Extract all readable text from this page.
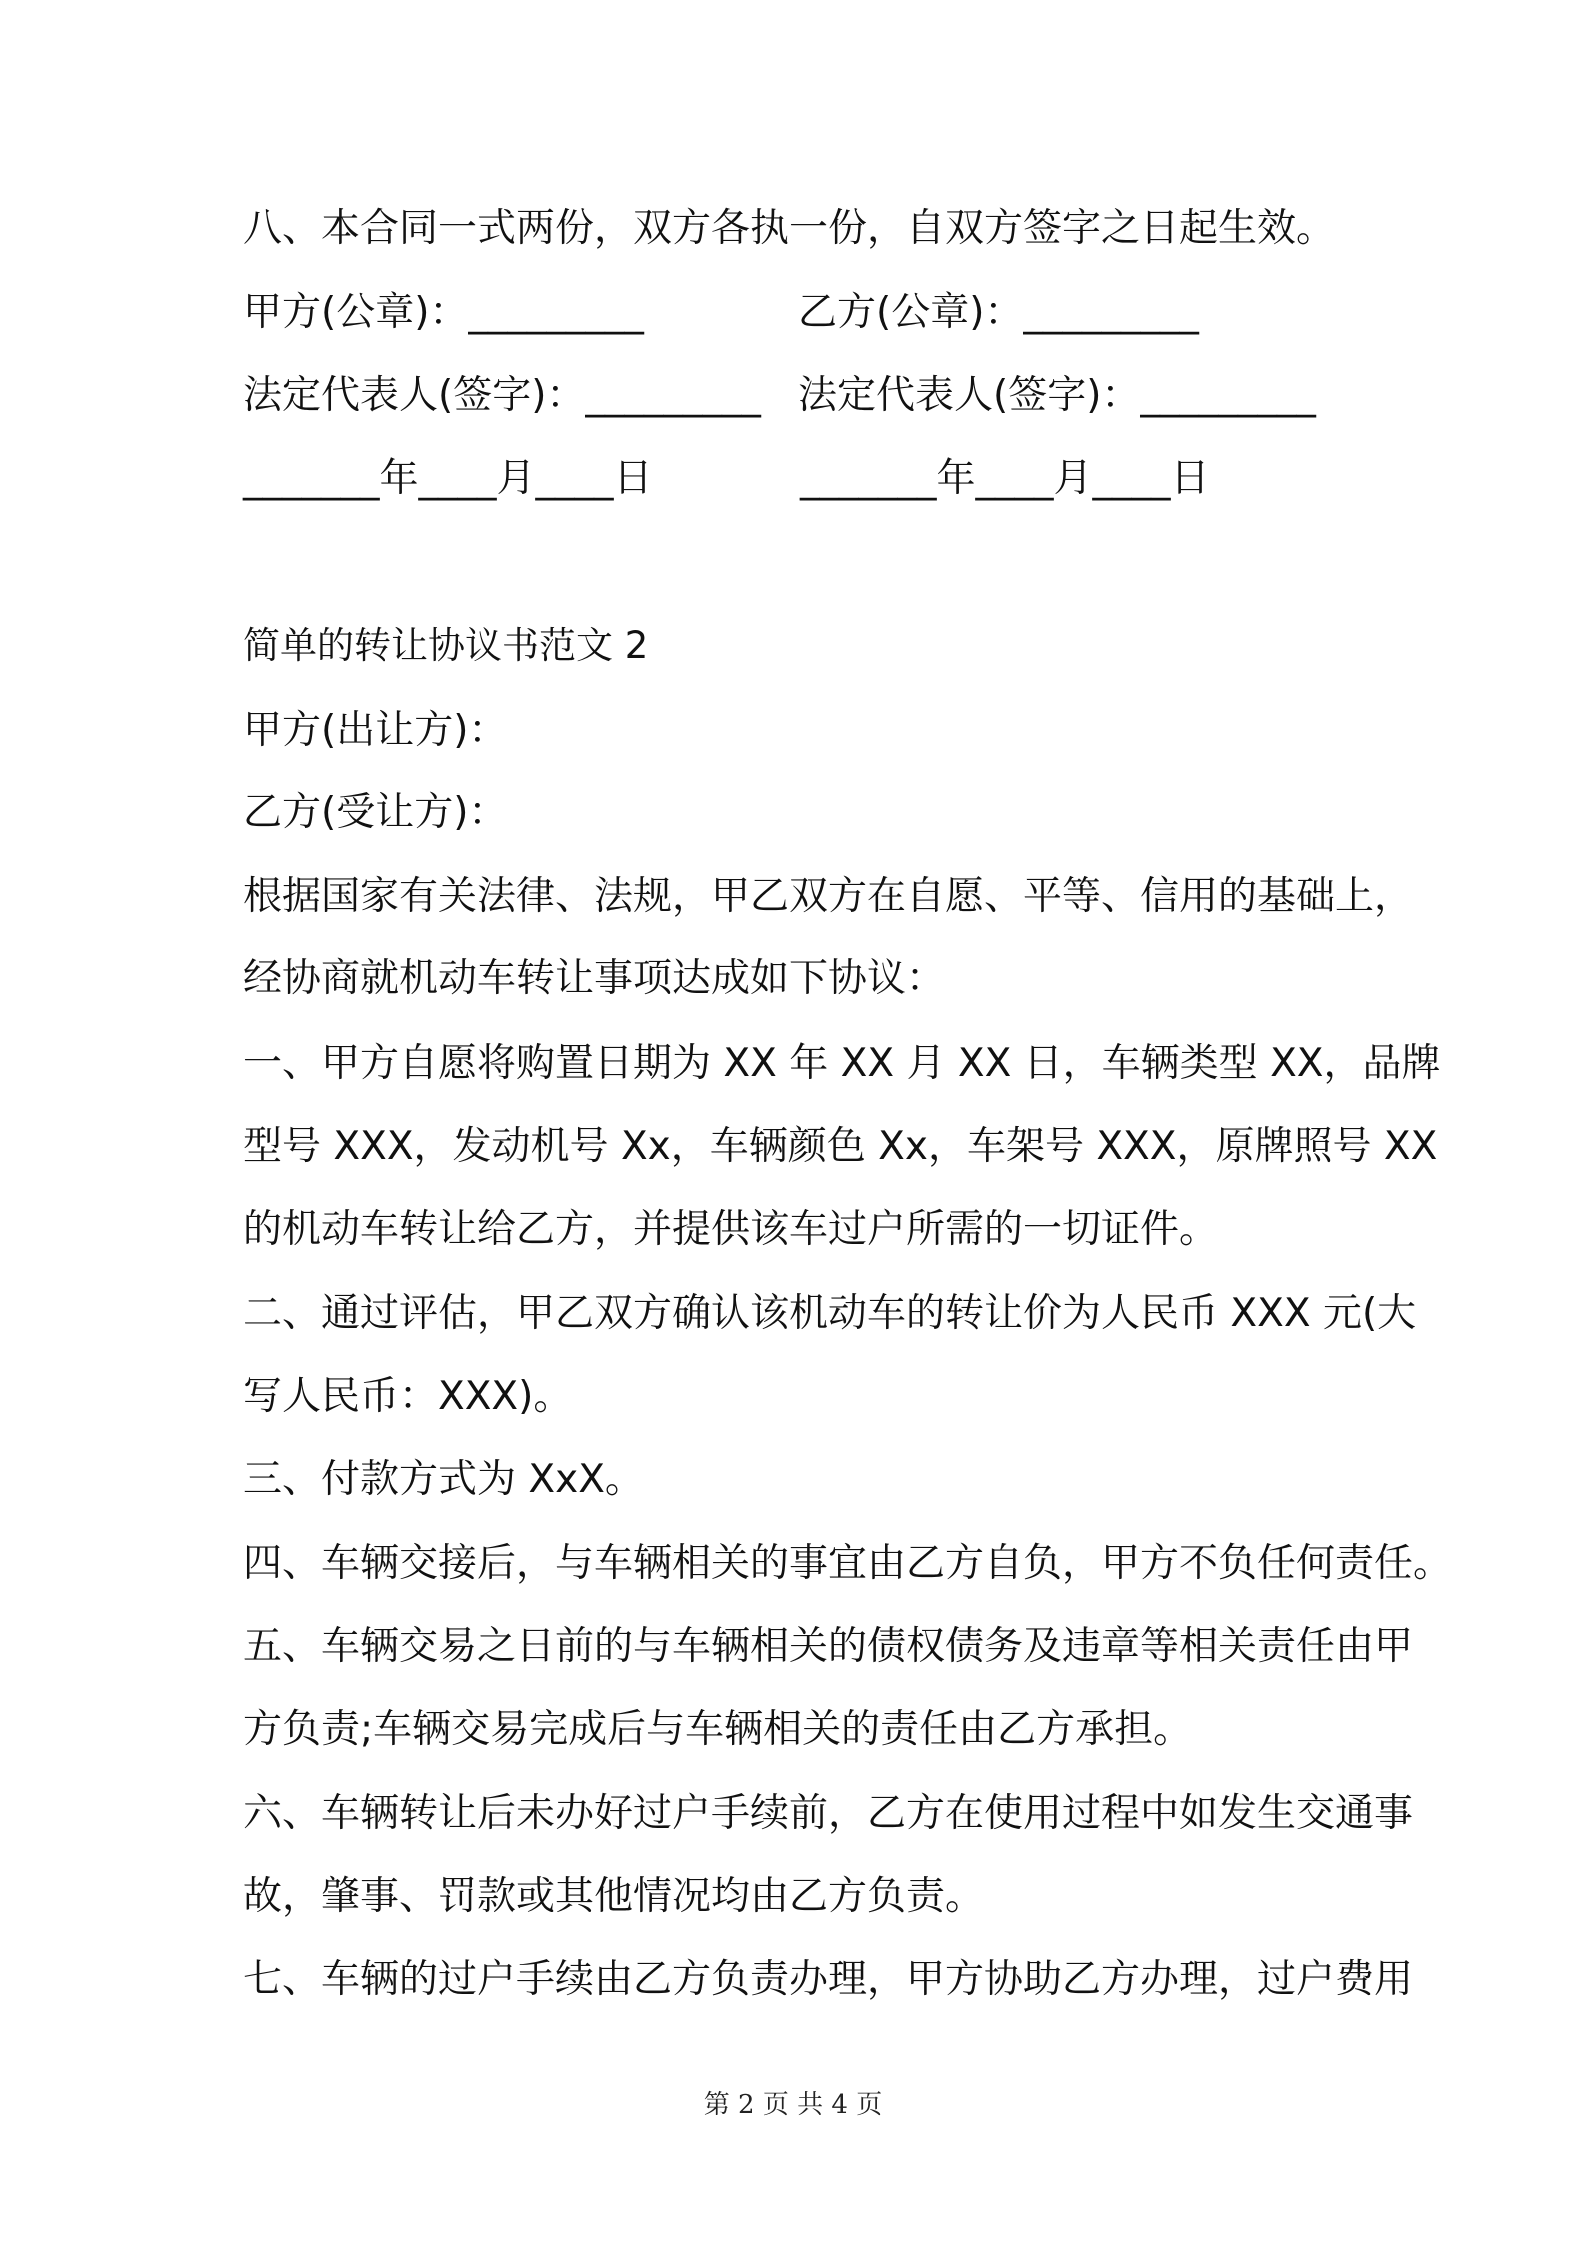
八、本合同一式两份，双方各执一份，自双方签字之日起生效。
甲方(公章)：_________	乙方(公章)：_________
法定代表人(签字)：_________ 法定代表人(签字)：_________
_______年____月____日	_______年____月____日
简单的转让协议书范文 2
甲方(出让方)：
乙方(受让方)：
根据国家有关法律、法规，甲乙双方在自愿、平等、信用的基础上，
经协商就机动车转让事项达成如下协议：
一、甲方自愿将购置日期为 XX 年 XX 月 XX 日，车辆类型 XX，品牌
型号 XXX，发动机号 Xx，车辆颜色 Xx，车架号 XXX，原牌照号 XX
的机动车转让给乙方，并提供该车过户所需的一切证件。
二、通过评估，甲乙双方确认该机动车的转让价为人民币 XXX 元(大
写人民币：XXX)。
三、付款方式为 XxX。
四、车辆交接后，与车辆相关的事宜由乙方自负，甲方不负任何责任。
五、车辆交易之日前的与车辆相关的债权债务及违章等相关责任由甲
方负责;车辆交易完成后与车辆相关的责任由乙方承担。
六、车辆转让后未办好过户手续前，乙方在使用过程中如发生交通事
故，肇事、罚款或其他情况均由乙方负责。
七、车辆的过户手续由乙方负责办理，甲方协助乙方办理，过户费用
第 2 页 共 4 页
